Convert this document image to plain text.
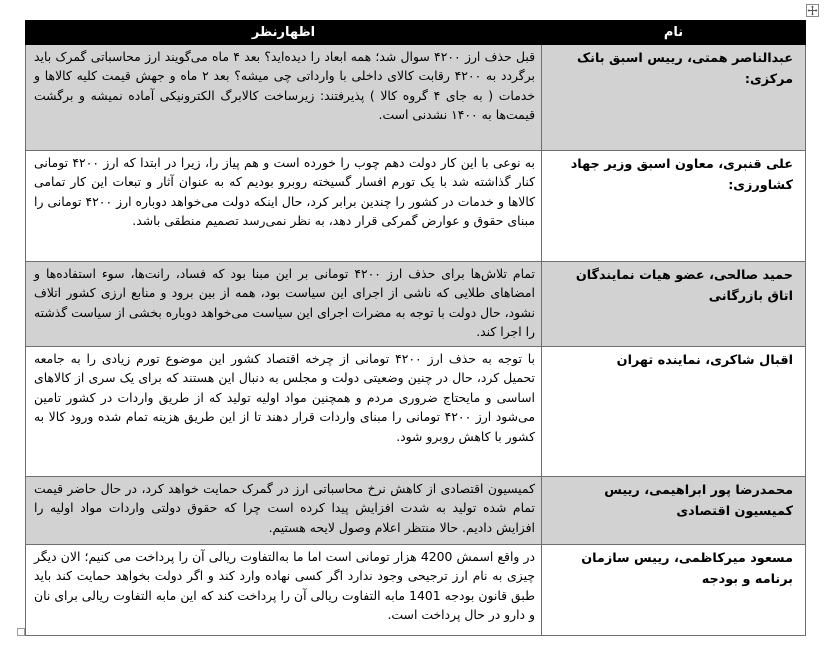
نام	اظهارنظر
عبدالناصر همتی، رییس اسبق بانک مرکزی:	قبل حذف ارز ۴۲۰۰ سوال شد؛ همه ابعاد را دیده‌اید؟ بعد ۴ ماه می‌گویند ارز محاسباتی گمرک باید برگردد به ۴۲۰۰ رقابت کالای داخلی با وارداتی چی میشه؟ بعد ۲ ماه و جهش قیمت کلیه کالاها و خدمات ( به جای ۴ گروه کالا ) پذیرفتند: زیرساخت کالابرگ الکترونیکی آماده نمیشه و برگشت قیمت‌ها به ۱۴۰۰ نشدنی است.
علی قنبری، معاون اسبق وزیر جهاد کشاورزی:	به نوعی با این کار دولت دهم چوب را خورده است و هم پیاز را، زیرا در ابتدا که ارز ۴۲۰۰ تومانی کنار گذاشته شد با یک تورم افسار گسیخته روبرو بودیم که به عنوان آثار و تبعات این کار تمامی کالاها و خدمات در کشور را چندین برابر کرد، حال اینکه دولت می‌خواهد دوباره ارز ۴۲۰۰ تومانی را مبنای حقوق و عوارض گمرکی قرار دهد، به نظر نمی‌رسد تصمیم منطقی باشد.
حمید صالحی، عضو هیات نمایندگان اتاق بازرگانی	تمام تلاش‌ها برای حذف ارز ۴۲۰۰ تومانی بر این مبنا بود که فساد، رانت‌ها، سوء استفاده‌ها و امضاهای طلایی که ناشی از اجرای این سیاست بود، همه از بین برود و منابع ارزی کشور اتلاف نشود، حال دولت با توجه به مضرات اجرای این سیاست می‌خواهد دوباره بخشی از سیاست گذشته را اجرا کند.
اقبال شاکری، نماینده تهران	با توجه به حذف ارز ۴۲۰۰ تومانی از چرخه اقتصاد کشور این موضوع تورم زیادی را به جامعه تحمیل کرد، حال در چنین وضعیتی دولت و مجلس به دنبال این هستند که برای یک سری از کالاهای اساسی و مایحتاج ضروری مردم و همچنین مواد اولیه تولید که از طریق واردات در کشور تامین می‌شود ارز ۴۲۰۰ تومانی را مبنای واردات قرار دهند تا از این طریق هزینه تمام شده ورود کالا به کشور با کاهش روبرو شود.
محمدرضا پور ابراهیمی، رییس کمیسیون اقتصادی	کمیسیون اقتصادی از کاهش نرخ محاسباتی ارز در گمرک حمایت خواهد کرد، در حال حاضر قیمت تمام شده تولید به شدت افزایش پیدا کرده است چرا که حقوق دولتی واردات مواد اولیه را افزایش دادیم. حالا منتظر اعلام وصول لایحه هستیم.
مسعود میرکاظمی، رییس سازمان برنامه و بودجه	در واقع اسمش 4200 هزار تومانی است اما ما به‌التفاوت ریالی آن را پرداخت می کنیم؛ الان دیگر چیزی به نام ارز ترجیحی وجود ندارد اگر کسی نهاده وارد کند و اگر دولت بخواهد حمایت کند باید طبق قانون بودجه 1401 مابه التفاوت ریالی آن را پرداخت کند که این مابه التفاوت ریالی برای نان و دارو در حال پرداخت است.
